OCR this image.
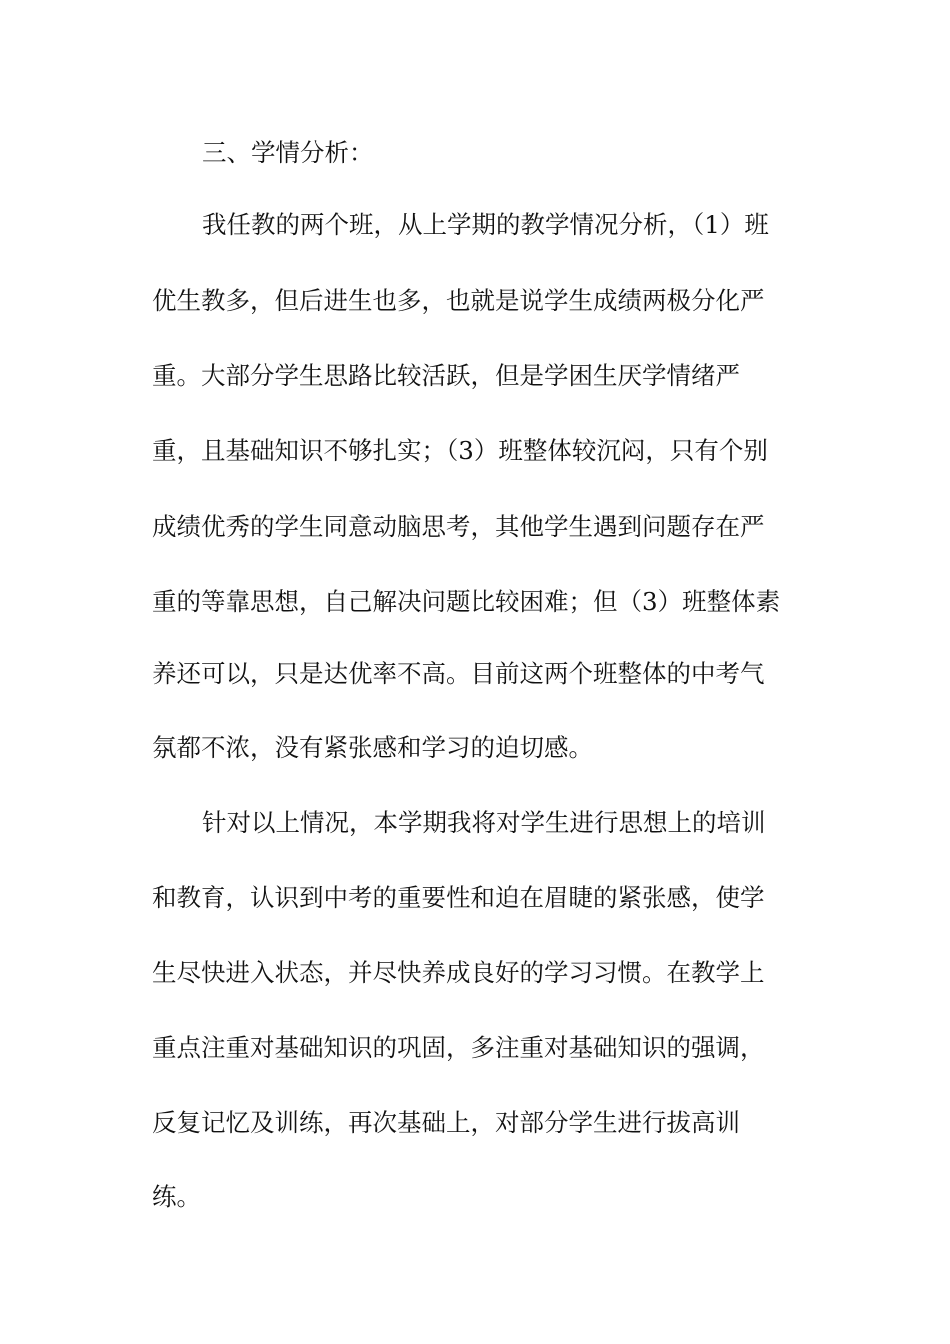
三、学情分析：

我任教的两个班，从上学期的教学情况分析，（1）班

优生教多，但后进生也多，也就是说学生成绩两极分化严

重。大部分学生思路比较活跃，但是学困生厌学情绪严

重，且基础知识不够扎实；（3）班整体较沉闷，只有个别

成绩优秀的学生同意动脑思考，其他学生遇到问题存在严

重的等靠思想，自己解决问题比较困难；但（3）班整体素

养还可以，只是达优率不高。目前这两个班整体的中考气

氛都不浓，没有紧张感和学习的迫切感。

针对以上情况，本学期我将对学生进行思想上的培训

和教育，认识到中考的重要性和迫在眉睫的紧张感，使学

生尽快进入状态，并尽快养成良好的学习习惯。在教学上

重点注重对基础知识的巩固，多注重对基础知识的强调，

反复记忆及训练，再次基础上，对部分学生进行拔高训

练。
